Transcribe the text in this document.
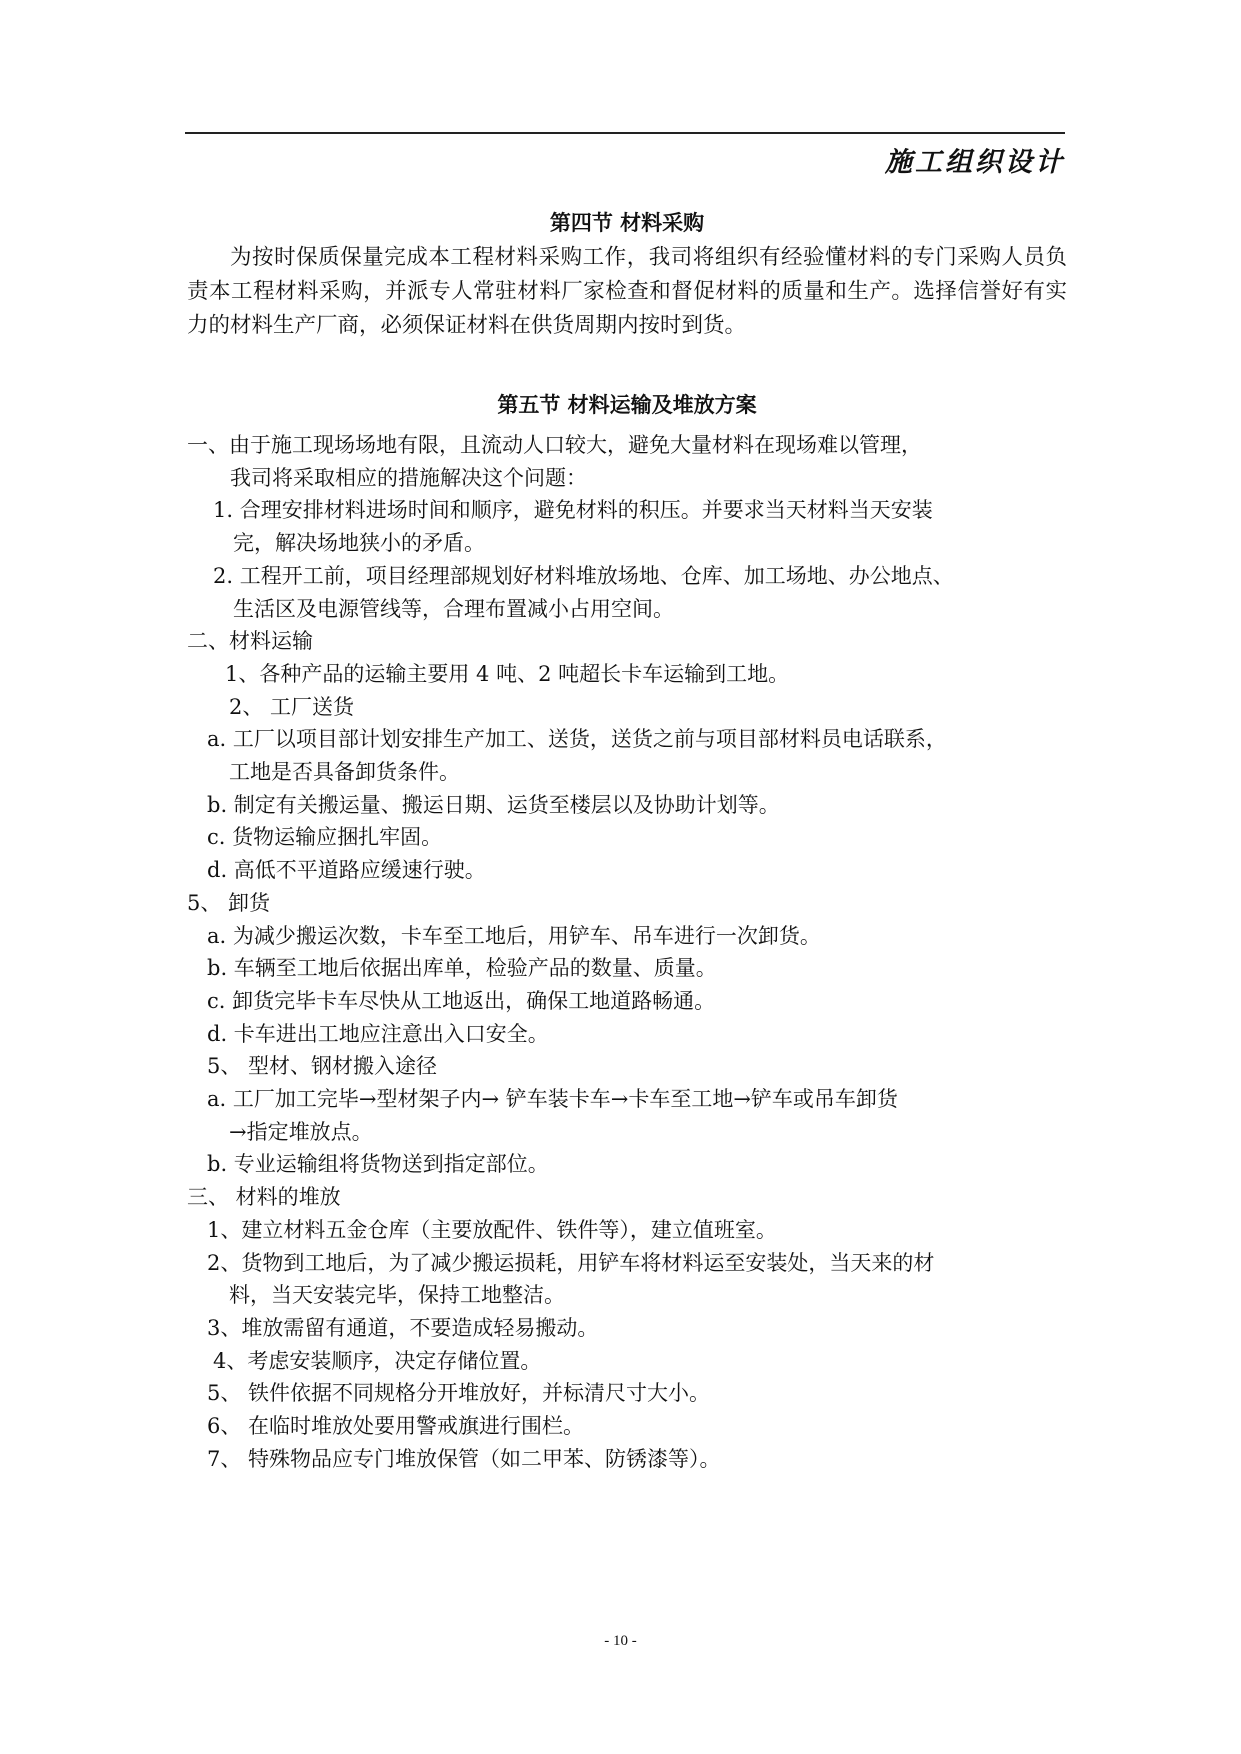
施工组织设计

第四节 材料采购

为按时保质保量完成本工程材料采购工作，我司将组织有经验懂材料的专门采购人员负责本工程材料采购，并派专人常驻材料厂家检查和督促材料的质量和生产。选择信誉好有实力的材料生产厂商，必须保证材料在供货周期内按时到货。

第五节 材料运输及堆放方案

一、由于施工现场场地有限，且流动人口较大，避免大量材料在现场难以管理，

我司将采取相应的措施解决这个问题：

1. 合理安排材料进场时间和顺序，避免材料的积压。并要求当天材料当天安装

完，解决场地狭小的矛盾。

2. 工程开工前，项目经理部规划好材料堆放场地、仓库、加工场地、办公地点、

生活区及电源管线等，合理布置减小占用空间。

二、材料运输

1、各种产品的运输主要用 4 吨、2 吨超长卡车运输到工地。

2、 工厂送货

a. 工厂以项目部计划安排生产加工、送货，送货之前与项目部材料员电话联系，

工地是否具备卸货条件。

b. 制定有关搬运量、搬运日期、运货至楼层以及协助计划等。

c. 货物运输应捆扎牢固。

d. 高低不平道路应缓速行驶。

5、 卸货

a. 为减少搬运次数，卡车至工地后，用铲车、吊车进行一次卸货。

b. 车辆至工地后依据出库单，检验产品的数量、质量。

c. 卸货完毕卡车尽快从工地返出，确保工地道路畅通。

d. 卡车进出工地应注意出入口安全。

5、 型材、钢材搬入途径

a. 工厂加工完毕→型材架子内→ 铲车装卡车→卡车至工地→铲车或吊车卸货

→指定堆放点。

b. 专业运输组将货物送到指定部位。

三、 材料的堆放

1、建立材料五金仓库（主要放配件、铁件等），建立值班室。

2、货物到工地后，为了减少搬运损耗，用铲车将材料运至安装处，当天来的材

料，当天安装完毕，保持工地整洁。

3、堆放需留有通道，不要造成轻易搬动。

4、考虑安装顺序，决定存储位置。

5、 铁件依据不同规格分开堆放好，并标清尺寸大小。

6、 在临时堆放处要用警戒旗进行围栏。

7、 特殊物品应专门堆放保管（如二甲苯、防锈漆等）。

- 10 -
